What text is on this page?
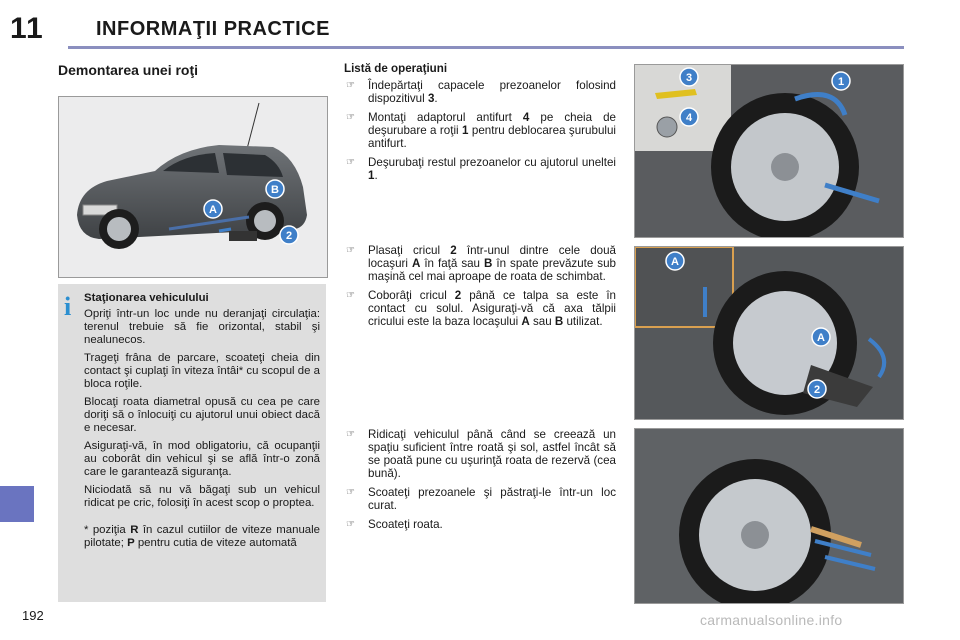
11	INFORMAŢII PRACTICE
Demontarea unei roţi
A
B
2
i Staţionarea vehiculului

Opriţi într-un loc unde nu deranjaţi circulaţia: terenul trebuie să fie orizontal, stabil şi nealunecos.

Trageţi frâna de parcare, scoateţi cheia din contact şi cuplaţi în viteza întâi* cu scopul de a bloca roţile.

Blocaţi roata diametral opusă cu cea pe care doriţi să o înlocuiţi cu ajutorul unui obiect dacă e necesar.

Asiguraţi-vă, în mod obligatoriu, că ocupanţii au coborât din vehicul şi se află într-o zonă care le garantează siguranţa.

Niciodată să nu vă băgaţi sub un vehicul ridicat pe cric, folosiţi în acest scop o proptea.

* poziţia R în cazul cutiilor de viteze manuale pilotate; P pentru cutia de viteze automată

Listă de operaţiuni
☞ Îndepărtaţi capacele prezoanelor folosind dispozitivul 3.
☞ Montaţi adaptorul antifurt 4 pe cheia de deşurubare a roţii 1 pentru deblocarea şurubului antifurt.
☞ Deşurubaţi restul prezoanelor cu ajutorul uneltei 1.
☞ Plasaţi cricul 2 într-unul dintre cele două locaşuri A în faţă sau B în spate prevăzute sub maşină cel mai aproape de roata de schimbat.
☞ Coborâţi cricul 2 până ce talpa sa este în contact cu solul. Asiguraţi-vă că axa tălpii cricului este la baza locaşului A sau B utilizat.
☞ Ridicaţi vehiculul până când se creează un spaţiu suficient între roată şi sol, astfel încât să se poată pune cu uşurinţă roata de rezervă (cea bună).
☞ Scoateţi prezoanele şi păstraţi-le într-un loc curat.
☞ Scoateţi roata.
1
3
4
A
A
2
192	carmanualsonline.info
